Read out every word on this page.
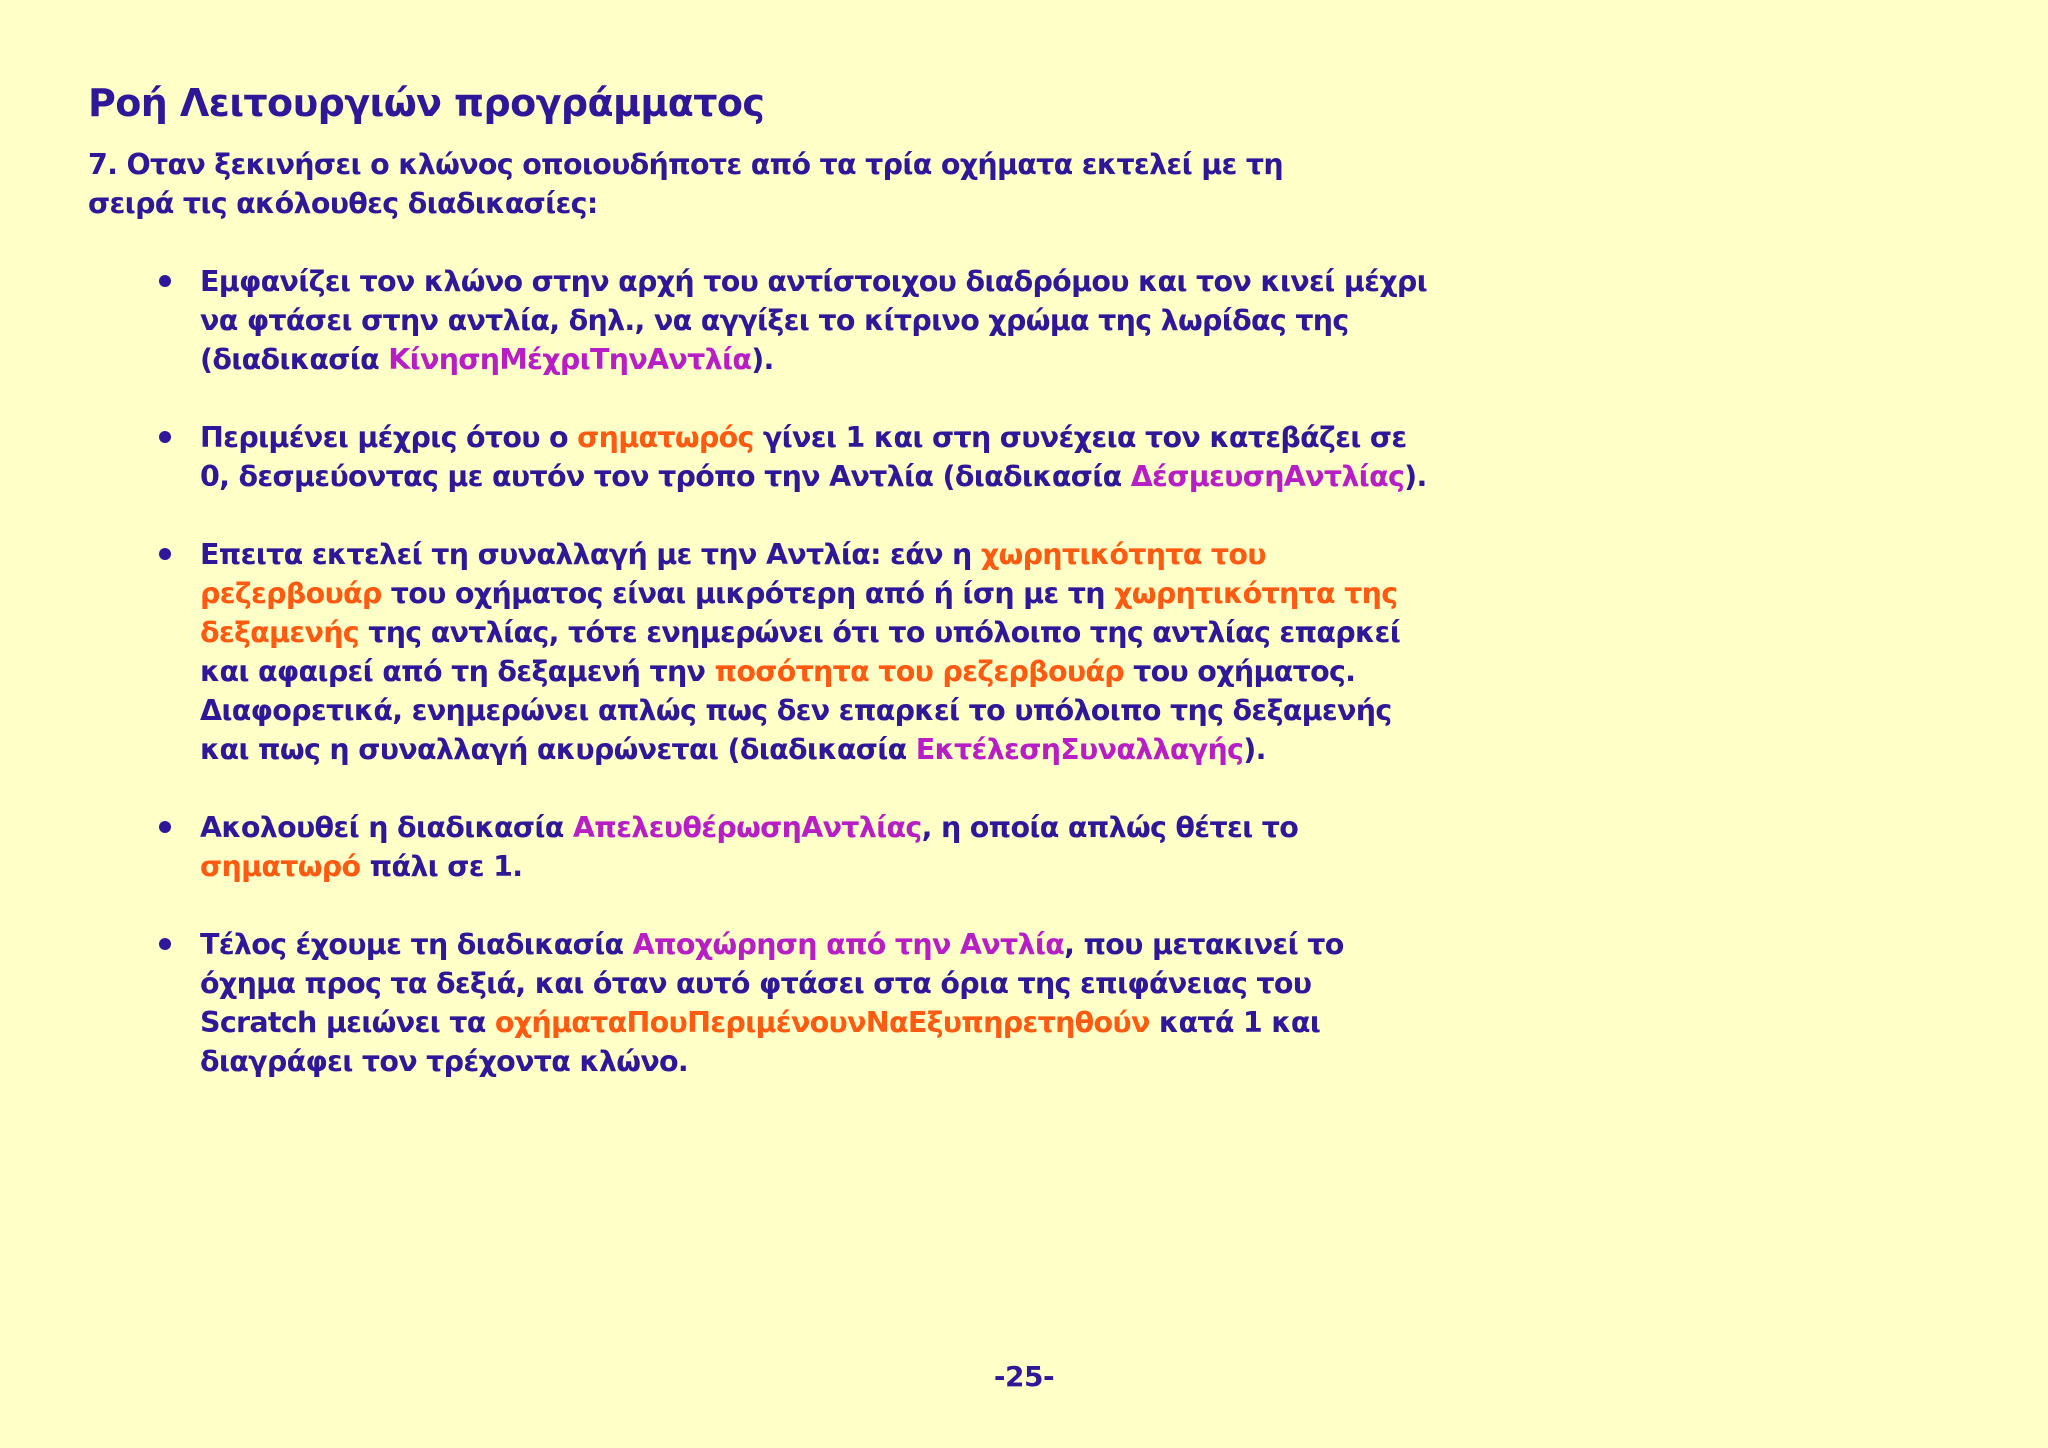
Ροή Λειτουργιών προγράμματος

7. Οταν ξεκινήσει ο κλώνος οποιουδήποτε από τα τρία οχήματα εκτελεί με τη σειρά τις ακόλουθες διαδικασίες:

Εμφανίζει τον κλώνο στην αρχή του αντίστοιχου διαδρόμου και τον κινεί μέχρι
να φτάσει στην αντλία, δηλ., να αγγίξει το κίτρινο χρώμα της λωρίδας της
(διαδικασία ΚίνησηΜέχριΤηνΑντλία).
Περιμένει μέχρις ότου ο σηματωρός γίνει 1 και στη συνέχεια τον κατεβάζει σε
0, δεσμεύοντας με αυτόν τον τρόπο την Αντλία (διαδικασία ΔέσμευσηΑντλίας).
Επειτα εκτελεί τη συναλλαγή με την Αντλία: εάν η χωρητικότητα του
ρεζερβουάρ του οχήματος είναι μικρότερη από ή ίση με τη χωρητικότητα της
δεξαμενής της αντλίας, τότε ενημερώνει ότι το υπόλοιπο της αντλίας επαρκεί
και αφαιρεί από τη δεξαμενή την ποσότητα του ρεζερβουάρ του οχήματος.
Διαφορετικά, ενημερώνει απλώς πως δεν επαρκεί το υπόλοιπο της δεξαμενής
και πως η συναλλαγή ακυρώνεται (διαδικασία ΕκτέλεσηΣυναλλαγής).
Ακολουθεί η διαδικασία ΑπελευθέρωσηΑντλίας, η οποία απλώς θέτει το
σηματωρό πάλι σε 1.
Τέλος έχουμε τη διαδικασία Αποχώρηση από την Αντλία, που μετακινεί το
όχημα προς τα δεξιά, και όταν αυτό φτάσει στα όρια της επιφάνειας του
Scratch μειώνει τα οχήματαΠουΠεριμένουνΝαΕξυπηρετηθούν κατά 1 και
διαγράφει τον τρέχοντα κλώνο.
-25-
